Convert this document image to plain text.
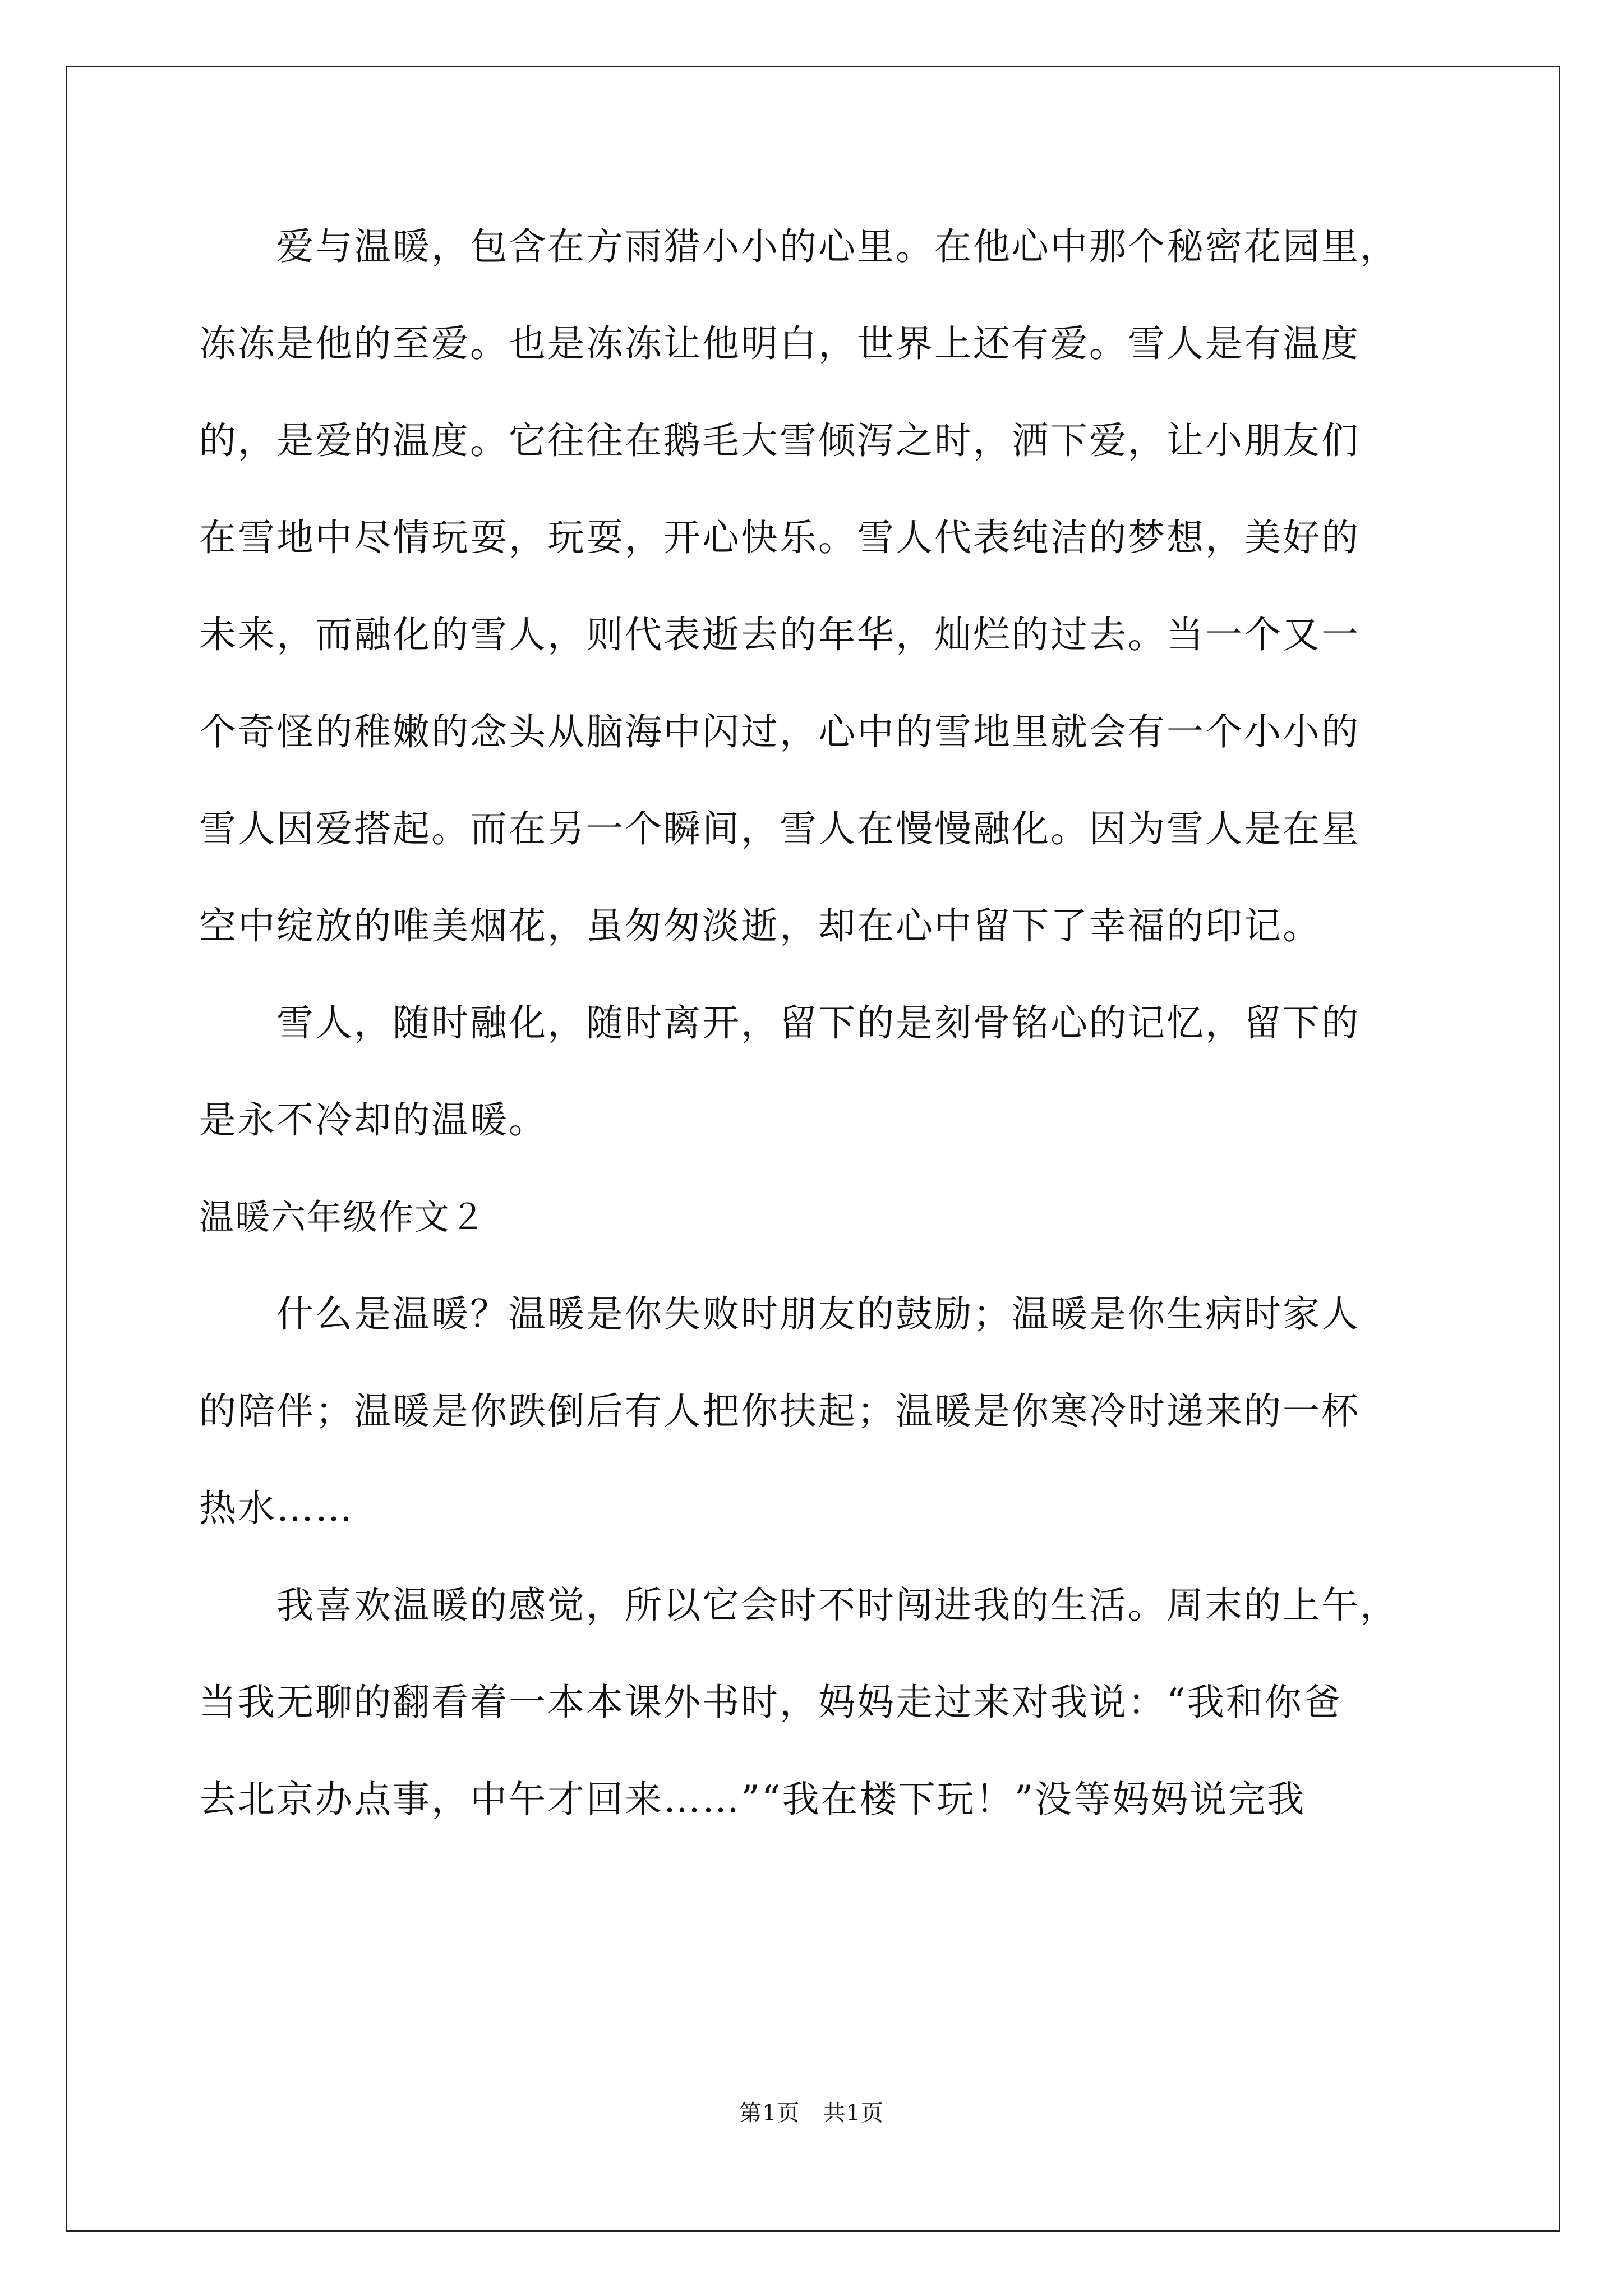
　　爱与温暖，包含在方雨猎小小的心里。在他心中那个秘密花园里，
冻冻是他的至爱。也是冻冻让他明白，世界上还有爱。雪人是有温度
的，是爱的温度。它往往在鹅毛大雪倾泻之时，洒下爱，让小朋友们
在雪地中尽情玩耍，玩耍，开心快乐。雪人代表纯洁的梦想，美好的
未来，而融化的雪人，则代表逝去的年华，灿烂的过去。当一个又一
个奇怪的稚嫩的念头从脑海中闪过，心中的雪地里就会有一个小小的
雪人因爱搭起。而在另一个瞬间，雪人在慢慢融化。因为雪人是在星
空中绽放的唯美烟花，虽匆匆淡逝，却在心中留下了幸福的印记。
　　雪人，随时融化，随时离开，留下的是刻骨铭心的记忆，留下的
是永不冷却的温暖。
温暖六年级作文２
　　什么是温暖？温暖是你失败时朋友的鼓励；温暖是你生病时家人
的陪伴；温暖是你跌倒后有人把你扶起；温暖是你寒冷时递来的一杯
热水……
　　我喜欢温暖的感觉，所以它会时不时闯进我的生活。周末的上午，
当我无聊的翻看着一本本课外书时，妈妈走过来对我说：“我和你爸
去北京办点事，中午才回来……”“我在楼下玩！”没等妈妈说完我
第1页　共1页
